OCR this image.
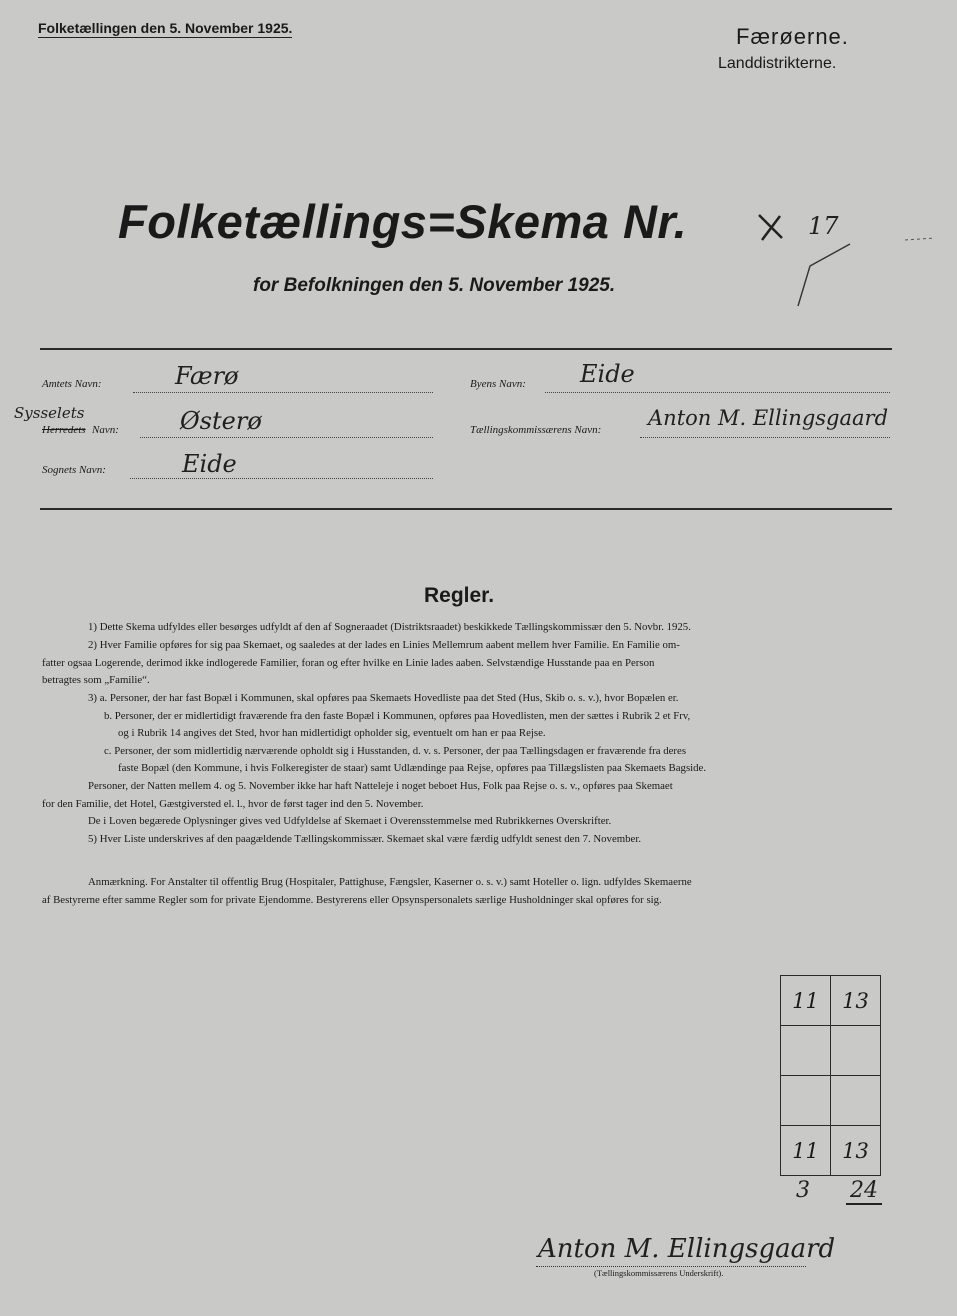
Folketællingen den 5. November 1925.	Færøerne.
Landdistrikterne.
Folketællings=Skema Nr.	17
for Befolkningen den 5. November 1925.
Amtets Navn:	Færø
Sysselets
Herredets Navn:	Østerø
Sognets Navn:	Eide
Byens Navn: Eide
Tællingskommissærens Navn: Anton M. Ellingsgaard
Regler.
1) Dette Skema udfyldes eller besørges udfyldt af den af Sogneraadet (Distriktsraadet) beskikkede Tællingskommissær den 5. Novbr. 1925.
2) Hver Familie opføres for sig paa Skemaet, og saaledes at der lades en Linies Mellemrum aabent mellem hver Familie. En Familie om-
fatter ogsaa Logerende, derimod ikke indlogerede Familier, foran og efter hvilke en Linie lades aaben. Selvstændige Husstande paa en Person
betragtes som „Familie“.
3) a. Personer, der har fast Bopæl i Kommunen, skal opføres paa Skemaets Hovedliste paa det Sted (Hus, Skib o. s. v.), hvor Bopælen er.
b. Personer, der er midlertidigt fraværende fra den faste Bopæl i Kommunen, opføres paa Hovedlisten, men der sættes i Rubrik 2 et Frv,
og i Rubrik 14 angives det Sted, hvor han midlertidigt opholder sig, eventuelt om han er paa Rejse.
c. Personer, der som midlertidig nærværende opholdt sig i Husstanden, d. v. s. Personer, der paa Tællingsdagen er fraværende fra deres
faste Bopæl (den Kommune, i hvis Folkeregister de staar) samt Udlændinge paa Rejse, opføres paa Tillægslisten paa Skemaets Bagside.
Personer, der Natten mellem 4. og 5. November ikke har haft Natteleje i noget beboet Hus, Folk paa Rejse o. s. v., opføres paa Skemaet
for den Familie, det Hotel, Gæstgiversted el. l., hvor de først tager ind den 5. November.
De i Loven begærede Oplysninger gives ved Udfyldelse af Skemaet i Overensstemmelse med Rubrikkernes Overskrifter.
5) Hver Liste underskrives af den paagældende Tællingskommissær. Skemaet skal være færdig udfyldt senest den 7. November.
Anmærkning. For Anstalter til offentlig Brug (Hospitaler, Pattighuse, Fængsler, Kaserner o. s. v.) samt Hoteller o. lign. udfyldes Skemaerne
af Bestyrerne efter samme Regler som for private Ejendomme. Bestyrerens eller Opsynspersonalets særlige Husholdninger skal opføres for sig.
11	13
11	13
3 24
Anton M. Ellingsgaard
(Tællingskommissærens Underskrift).
